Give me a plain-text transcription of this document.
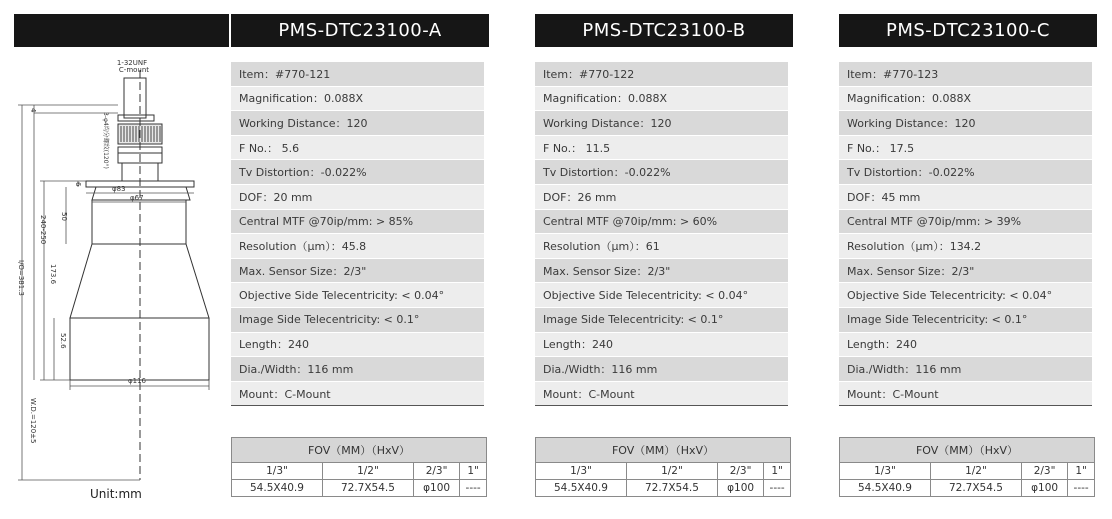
PMS-DTC23100-A	PMS-DTC23100-B	PMS-DTC23100-C
1-32UNF
C-mount
3-φ4均分螺纹(120°)
4
6
φ83
φ67
50
240-250
173.6
I/O=381.3
52.6
φ116
W.D.=120±5
Unit:mm
Item：#770-121
Magnification：0.088X
Working Distance：120
F No.： 5.6
Tv Distortion：-0.022%
DOF：20 mm
Central MTF @70ip/mm: > 85%
Resolution（μm）：45.8
Max. Sensor Size：2/3"
Objective Side Telecentricity: < 0.04°
Image Side Telecentricity: < 0.1°
Length：240
Dia./Width：116 mm
Mount：C-Mount
Item：#770-122
Magnification：0.088X
Working Distance：120
F No.： 11.5
Tv Distortion：-0.022%
DOF：26 mm
Central MTF @70ip/mm: > 60%
Resolution（μm）：61
Max. Sensor Size：2/3"
Objective Side Telecentricity: < 0.04°
Image Side Telecentricity: < 0.1°
Length：240
Dia./Width：116 mm
Mount：C-Mount
Item：#770-123
Magnification：0.088X
Working Distance：120
F No.： 17.5
Tv Distortion：-0.022%
DOF：45 mm
Central MTF @70ip/mm: > 39%
Resolution（μm）：134.2
Max. Sensor Size：2/3"
Objective Side Telecentricity: < 0.04°
Image Side Telecentricity: < 0.1°
Length：240
Dia./Width：116 mm
Mount：C-Mount
FOV（MM）（HxV）			
1/3"	1/2"	2/3"	1"
54.5X40.9	72.7X54.5	φ100	----
FOV（MM）（HxV）			
1/3"	1/2"	2/3"	1"
54.5X40.9	72.7X54.5	φ100	----
FOV（MM）（HxV）			
1/3"	1/2"	2/3"	1"
54.5X40.9	72.7X54.5	φ100	----
